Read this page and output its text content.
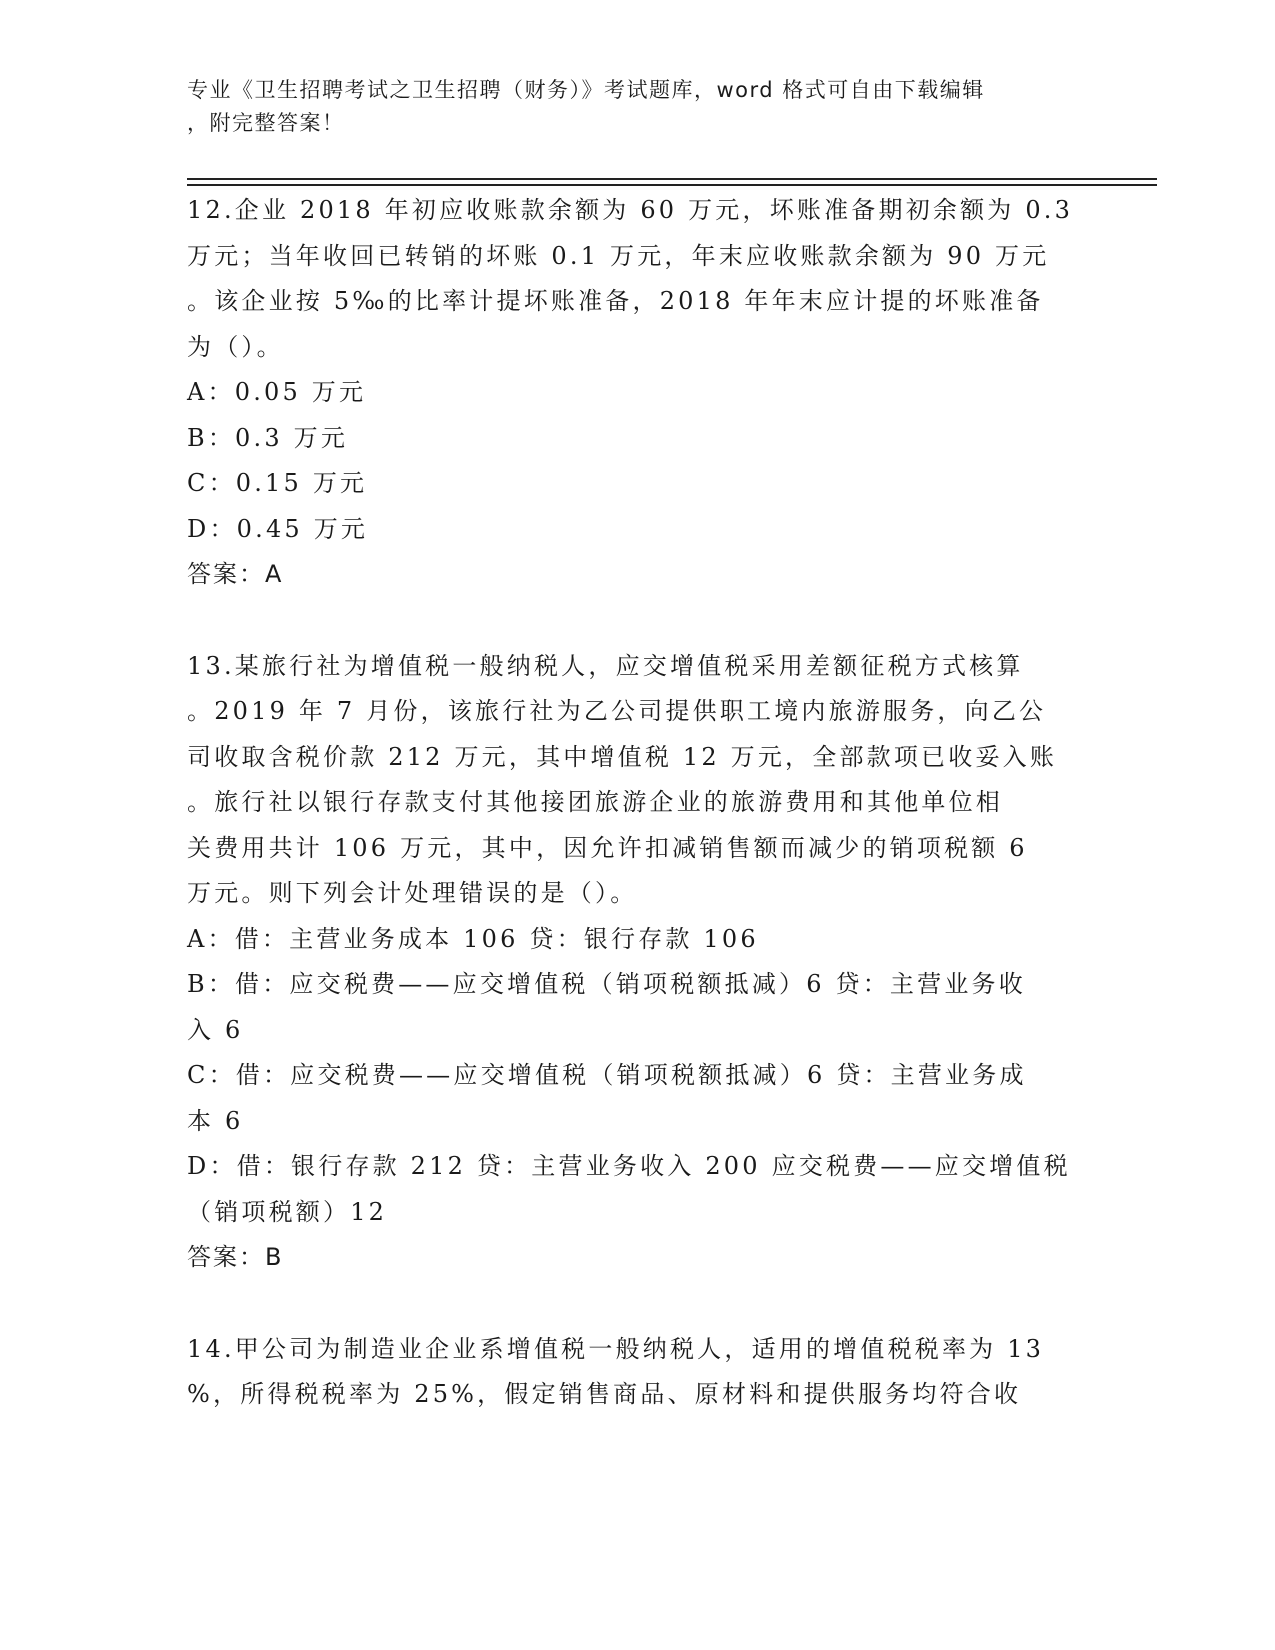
专业《卫生招聘考试之卫生招聘（财务）》考试题库，word 格式可自由下载编辑
，附完整答案！
12.企业 2018 年初应收账款余额为 60 万元，坏账准备期初余额为 0.3
万元；当年收回已转销的坏账 0.1 万元，年末应收账款余额为 90 万元
。该企业按 5‰的比率计提坏账准备，2018 年年末应计提的坏账准备
为（）。
A：0.05 万元
B：0.3 万元
C：0.15 万元
D：0.45 万元
答案：A
13.某旅行社为增值税一般纳税人，应交增值税采用差额征税方式核算
。2019 年 7 月份，该旅行社为乙公司提供职工境内旅游服务，向乙公
司收取含税价款 212 万元，其中增值税 12 万元，全部款项已收妥入账
。旅行社以银行存款支付其他接团旅游企业的旅游费用和其他单位相
关费用共计 106 万元，其中，因允许扣减销售额而减少的销项税额 6
万元。则下列会计处理错误的是（）。
A：借：主营业务成本 106 贷：银行存款 106
B：借：应交税费——应交增值税（销项税额抵减）6 贷：主营业务收
入 6
C：借：应交税费——应交增值税（销项税额抵减）6 贷：主营业务成
本 6
D：借：银行存款 212 贷：主营业务收入 200 应交税费——应交增值税
（销项税额）12
答案：B
14.甲公司为制造业企业系增值税一般纳税人，适用的增值税税率为 13
%，所得税税率为 25%，假定销售商品、原材料和提供服务均符合收
